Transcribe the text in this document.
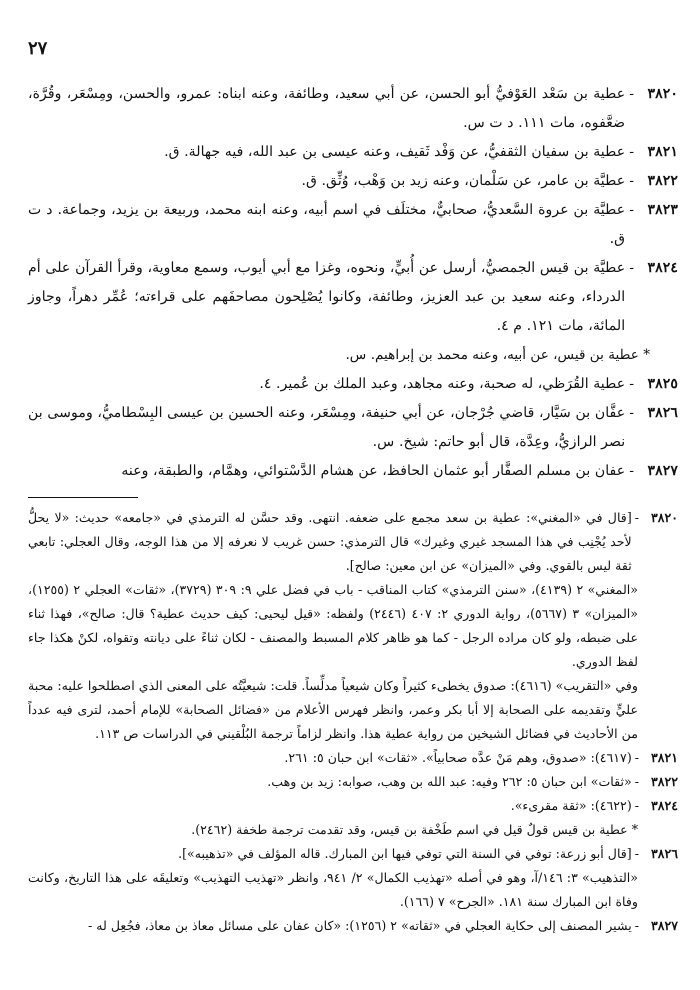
٢٧
٣٨٢٠
-
عطية بن سَعْد العَوْفيُّ أبو الحسن، عن أبي سعيد، وطائفة، وعنه ابناه: عمرو، والحسن، ومِسْعَر، وقُرَّة، ضعَّفوه، مات ١١١. د ت س.
٣٨٢١
-
عطية بن سفيان الثقفيُّ، عن وَفْد ثَقيف، وعنه عيسى بن عبد الله، فيه جهالة. ق.
٣٨٢٢
-
عطيَّة بن عامر، عن سَلْمان، وعنه زيد بن وَهْب، وُثِّق. ق.
٣٨٢٣
-
عطيَّة بن عروة السَّعديُّ، صحابيٌّ، مختلَف في اسم أبيه، وعنه ابنه محمد، وربيعة بن يزيد، وجماعة. د ت ق.
٣٨٢٤
-
عطيَّة بن قيس الجمصيُّ، أرسل عن أُبيٍّ، ونحوه، وغزا مع أبي أيوب، وسمع معاوية، وقرأ القرآن على أم الدرداء، وعنه سعيد بن عبد العزيز، وطائفة، وكانوا يُصْلِحون مصاحفَهم على قراءته؛ عُمِّر دهراً، وجاوز المائة، مات ١٢١. م ٤.
* عطية بن قيس، عن أبيه، وعنه محمد بن إبراهيم. س.
٣٨٢٥
-
عطية القُرَظي، له صحبة، وعنه مجاهد، وعبد الملك بن عُمير. ٤.
٣٨٢٦
-
عفَّان بن سَيَّار، قاضي جُرْجان، عن أبي حنيفة، ومِسْعَر، وعنه الحسين بن عيسى البِسْطاميُّ، وموسى بن نصر الرازيُّ، وعِدَّة، قال أبو حاتم: شيخ. س.
٣٨٢٧
-
عفان بن مسلم الصفَّار أبو عثمان الحافظ، عن هشام الدَّسْتوائي، وهمَّام، والطبقة، وعنه
٣٨٢٠
-
[قال في «المغني»: عطية بن سعد مجمع على ضعفه. انتهى. وقد حسَّن له الترمذي في «جامعه» حديث: «لا يحلُّ لأحد يُجْنِب في هذا المسجد غيري وغيرك» قال الترمذي: حسن غريب لا نعرفه إلا من هذا الوجه، وقال العجلي: تابعي ثقة ليس بالقوي. وفي «الميزان» عن ابن معين: صالح].
«المغني» ٢ (٤١٣٩)، «سنن الترمذي» كتاب المناقب - باب في فضل علي ٩: ٣٠٩ (٣٧٢٩)، «ثقات» العجلي ٢ (١٢٥٥)، «الميزان» ٣ (٥٦٦٧)، رواية الدوري ٢: ٤٠٧ (٢٤٤٦) ولفظه: «قيل ليحيى: كيف حديث عطية؟ قال: صالح»، فهذا ثناء على ضبطه، ولو كان مراده الرجل - كما هو ظاهر كلام المسبط والمصنف - لكان ثناءً على ديانته وتقواه، لكنْ هكذا جاء لفظ الدوري.
وفي «التقريب» (٤٦١٦): صدوق يخطىء كثيراً وكان شيعياً مدلِّساً. قلت: شيعيَّتُه على المعنى الذي اصطلحوا عليه: محبة عليٍّ وتقديمه على الصحابة إلا أبا بكر وعمر، وانظر فهرس الأعلام من «فضائل الصحابة» للإمام أحمد، لترى فيه عدداً من الأحاديث في فضائل الشيخين من رواية عطية هذا. وانظر لزاماً ترجمة البُلْقيني في الدراسات ص ١١٣.
٣٨٢١
-
(٤٦١٧): «صدوق، وهم مَنْ عدَّه صحابياً». «ثقات» ابن حبان ٥: ٢٦١.
٣٨٢٢
-
«ثقات» ابن حبان ٥: ٢٦٢ وفيه: عبد الله بن وهب، صوابه: زيد بن وهب.
٣٨٢٤
-
(٤٦٢٢): «ثقة مقرىء».
* عطية بن قيس قولٌ قيل في اسم طَخْفة بن قيس، وقد تقدمت ترجمة طخفة (٢٤٦٢).
٣٨٢٦
-
[قال أبو زرعة: توفي في السنة التي توفي فيها ابن المبارك. قاله المؤلف في «تذهيبه»].
«التذهيب» ٣: ١٤٦/آ، وهو في أصله «تهذيب الكمال» ٢/ ٩٤١، وانظر «تهذيب التهذيب» وتعليقَه على هذا التاريخ، وكانت وفاة ابن المبارك سنة ١٨١. «الجرح» ٧ (١٦٦).
٣٨٢٧
-
يشير المصنف إلى حكاية العجلي في «ثقاته» ٢ (١٢٥٦): «كان عفان على مسائل معاذ بن معاذ، فجُعِل له -
